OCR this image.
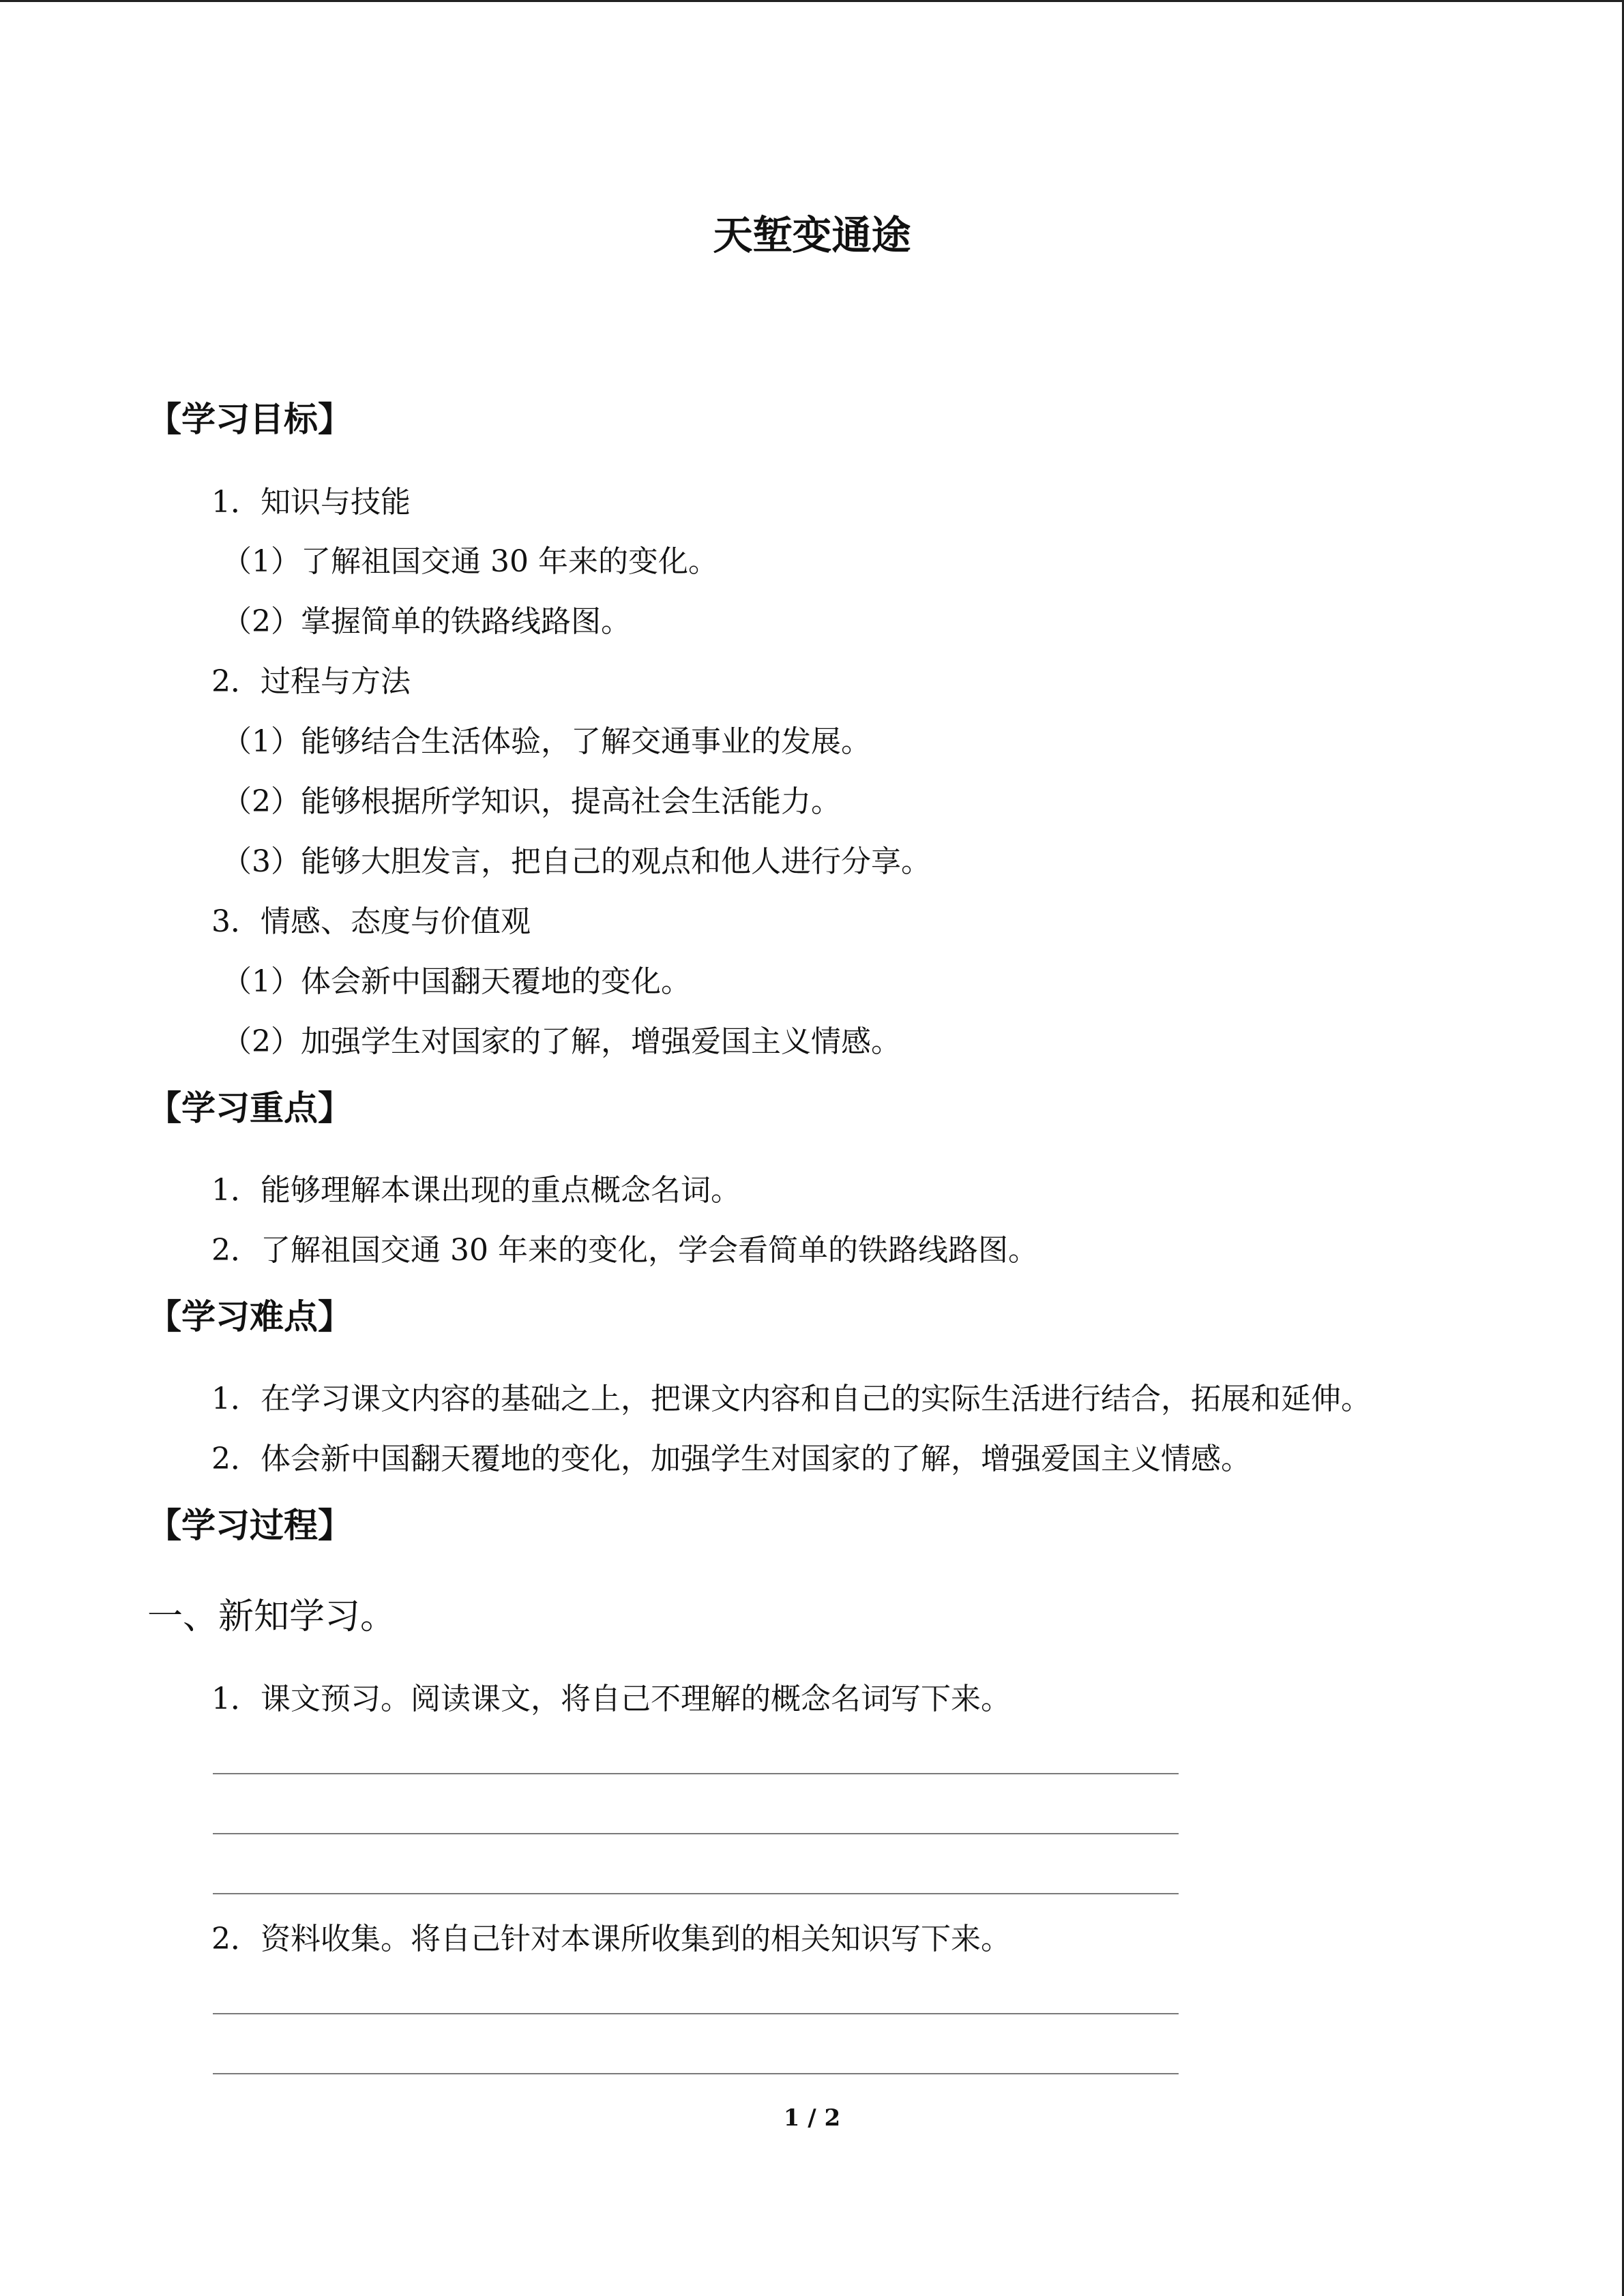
天堑变通途
【学习目标】

1．知识与技能

（1）了解祖国交通 30 年来的变化。

（2）掌握简单的铁路线路图。

2．过程与方法

（1）能够结合生活体验，了解交通事业的发展。

（2）能够根据所学知识，提高社会生活能力。

（3）能够大胆发言，把自己的观点和他人进行分享。

3．情感、态度与价值观

（1）体会新中国翻天覆地的变化。

（2）加强学生对国家的了解，增强爱国主义情感。

【学习重点】

1．能够理解本课出现的重点概念名词。

2．了解祖国交通 30 年来的变化，学会看简单的铁路线路图。

【学习难点】

1．在学习课文内容的基础之上，把课文内容和自己的实际生活进行结合，拓展和延伸。

2．体会新中国翻天覆地的变化，加强学生对国家的了解，增强爱国主义情感。

【学习过程】

一、新知学习。

1．课文预习。阅读课文，将自己不理解的概念名词写下来。

2．资料收集。将自己针对本课所收集到的相关知识写下来。

1 / 2
